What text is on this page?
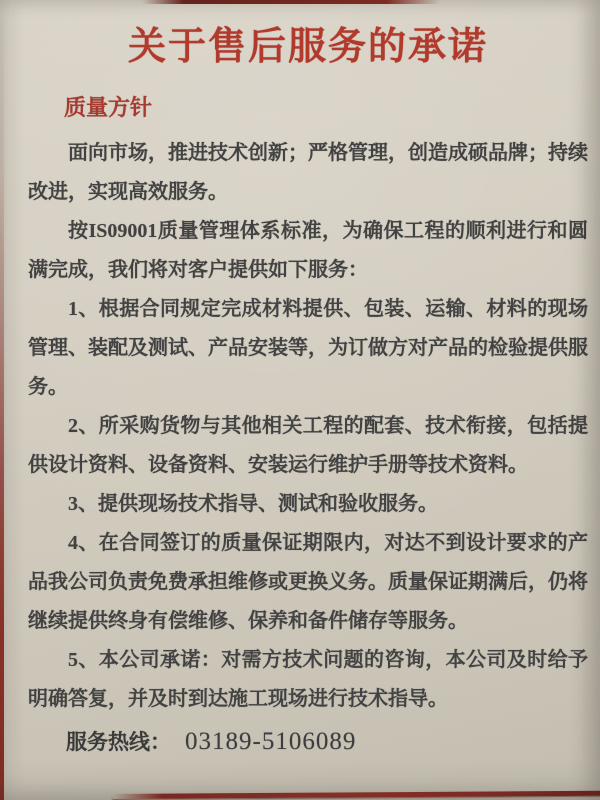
关于售后服务的承诺
质量方针

面向市场，推进技术创新；严格管理，创造成硕品牌；持续改进，实现高效服务。

按IS09001质量管理体系标准，为确保工程的顺利进行和圆满完成，我们将对客户提供如下服务：

1、根据合同规定完成材料提供、包装、运输、材料的现场管理、装配及测试、产品安装等，为订做方对产品的检验提供服务。

2、所采购货物与其他相关工程的配套、技术衔接，包括提供设计资料、设备资料、安装运行维护手册等技术资料。

3、提供现场技术指导、测试和验收服务。

4、在合同签订的质量保证期限内，对达不到设计要求的产品我公司负责免费承担维修或更换义务。质量保证期满后，仍将继续提供终身有偿维修、保养和备件储存等服务。

5、本公司承诺：对需方技术问题的咨询，本公司及时给予明确答复，并及时到达施工现场进行技术指导。

服务热线： 03189-5106089
